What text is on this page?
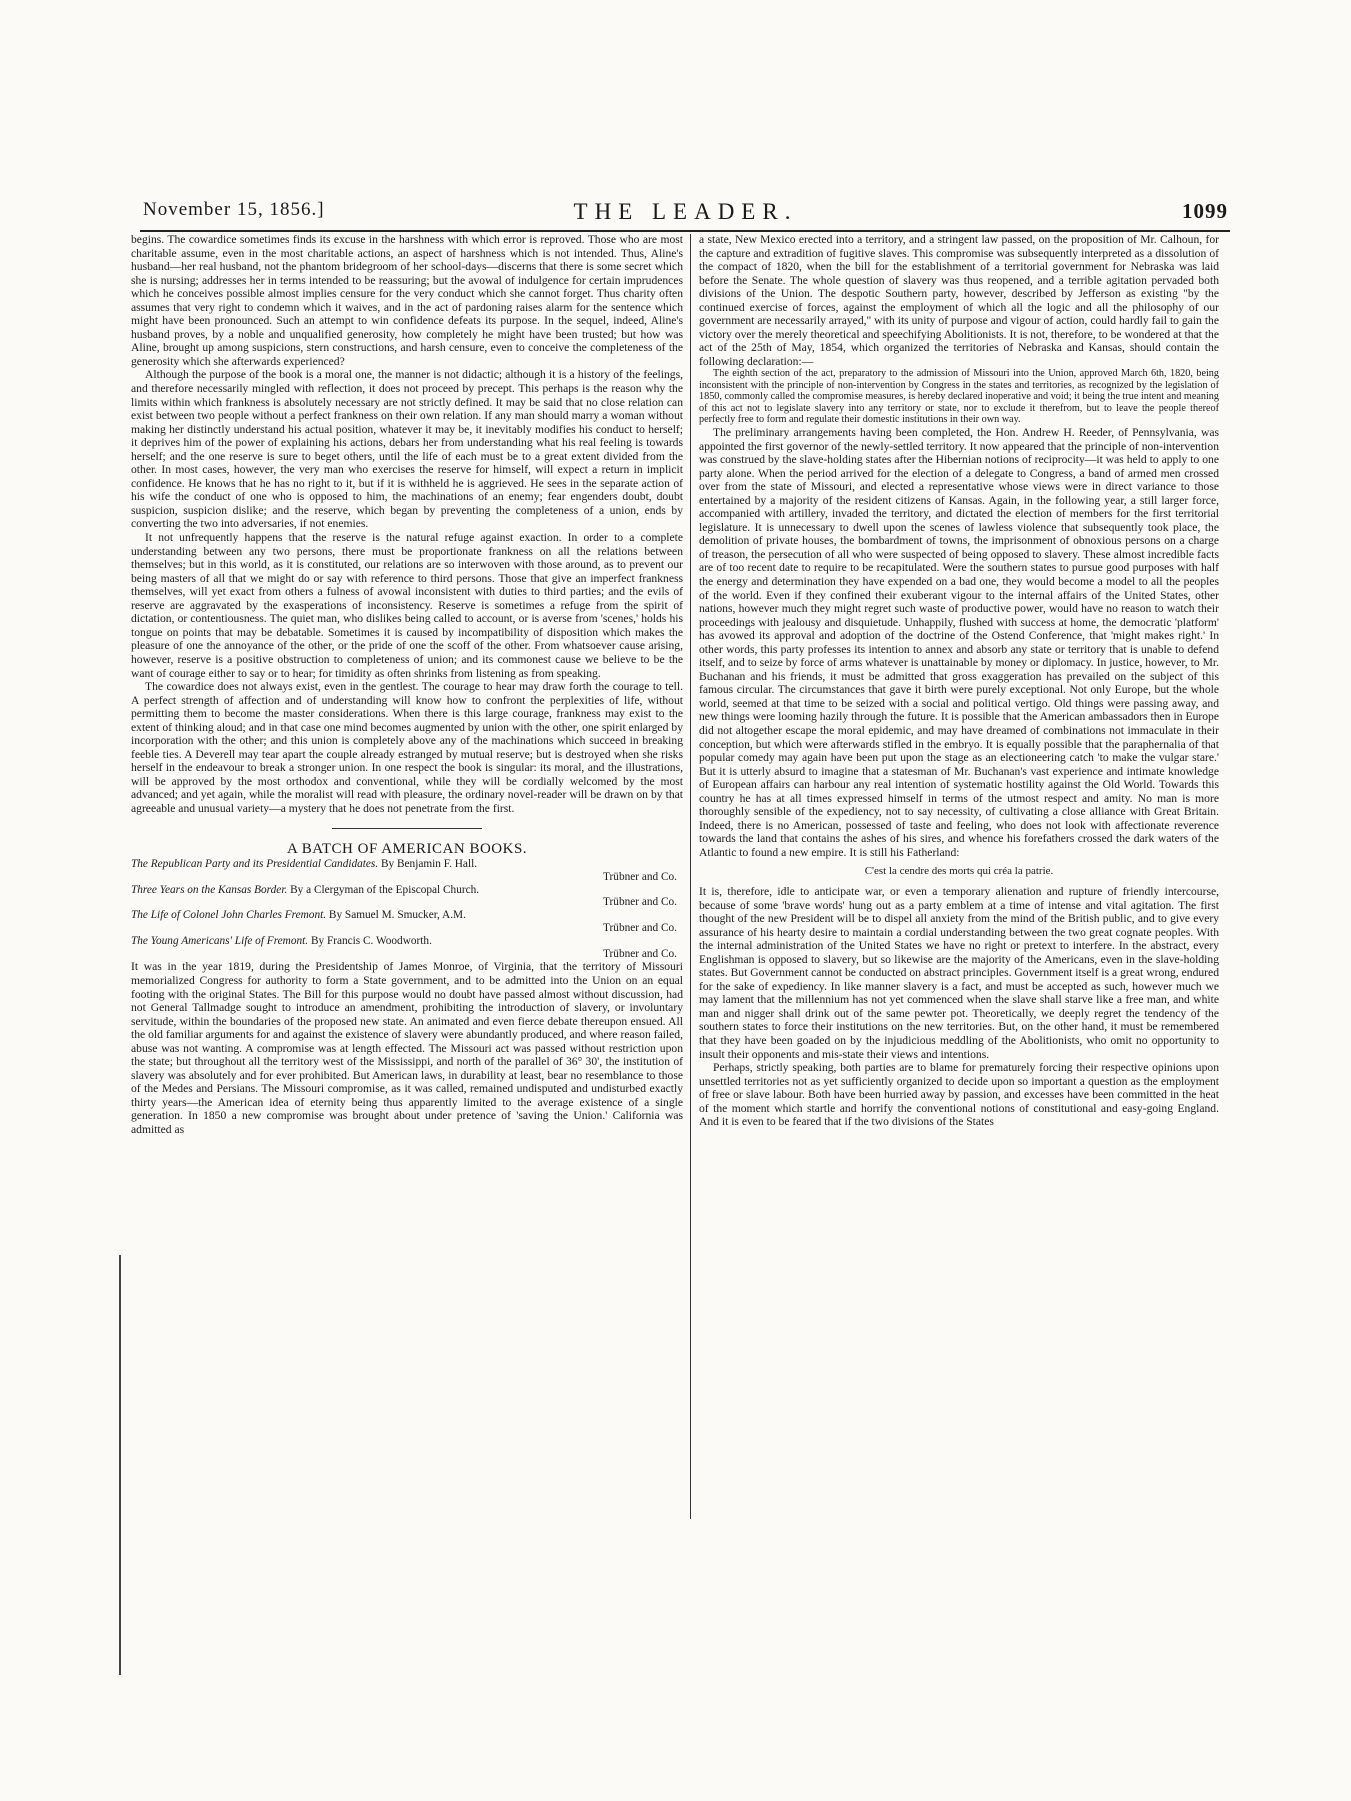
November 15, 1856.]	THE LEADER.	1099

begins. The cowardice sometimes finds its excuse in the harshness with which error is reproved. Those who are most charitable assume, even in the most charitable actions, an aspect of harshness which is not intended. Thus, Aline's husband—her real husband, not the phantom bridegroom of her school-days—discerns that there is some secret which she is nursing; addresses her in terms intended to be reassuring; but the avowal of indulgence for certain imprudences which he conceives possible almost implies censure for the very conduct which she cannot forget. Thus charity often assumes that very right to condemn which it waives, and in the act of pardoning raises alarm for the sentence which might have been pronounced. Such an attempt to win confidence defeats its purpose. In the sequel, indeed, Aline's husband proves, by a noble and unqualified generosity, how completely he might have been trusted; but how was Aline, brought up among suspicions, stern constructions, and harsh censure, even to conceive the completeness of the generosity which she afterwards experienced?

Although the purpose of the book is a moral one, the manner is not didactic; although it is a history of the feelings, and therefore necessarily mingled with reflection, it does not proceed by precept. This perhaps is the reason why the limits within which frankness is absolutely necessary are not strictly defined. It may be said that no close relation can exist between two people without a perfect frankness on their own relation. If any man should marry a woman without making her distinctly understand his actual position, whatever it may be, it inevitably modifies his conduct to herself; it deprives him of the power of explaining his actions, debars her from understanding what his real feeling is towards herself; and the one reserve is sure to beget others, until the life of each must be to a great extent divided from the other. In most cases, however, the very man who exercises the reserve for himself, will expect a return in implicit confidence. He knows that he has no right to it, but if it is withheld he is aggrieved. He sees in the separate action of his wife the conduct of one who is opposed to him, the machinations of an enemy; fear engenders doubt, doubt suspicion, suspicion dislike; and the reserve, which began by preventing the completeness of a union, ends by converting the two into adversaries, if not enemies.

It not unfrequently happens that the reserve is the natural refuge against exaction. In order to a complete understanding between any two persons, there must be proportionate frankness on all the relations between themselves; but in this world, as it is constituted, our relations are so interwoven with those around, as to prevent our being masters of all that we might do or say with reference to third persons. Those that give an imperfect frankness themselves, will yet exact from others a fulness of avowal inconsistent with duties to third parties; and the evils of reserve are aggravated by the exasperations of inconsistency. Reserve is sometimes a refuge from the spirit of dictation, or contentiousness. The quiet man, who dislikes being called to account, or is averse from 'scenes,' holds his tongue on points that may be debatable. Sometimes it is caused by incompatibility of disposition which makes the pleasure of one the annoyance of the other, or the pride of one the scoff of the other. From whatsoever cause arising, however, reserve is a positive obstruction to completeness of union; and its commonest cause we believe to be the want of courage either to say or to hear; for timidity as often shrinks from listening as from speaking.

The cowardice does not always exist, even in the gentlest. The courage to hear may draw forth the courage to tell. A perfect strength of affection and of understanding will know how to confront the perplexities of life, without permitting them to become the master considerations. When there is this large courage, frankness may exist to the extent of thinking aloud; and in that case one mind becomes augmented by union with the other, one spirit enlarged by incorporation with the other; and this union is completely above any of the machinations which succeed in breaking feeble ties. A Deverell may tear apart the couple already estranged by mutual reserve; but is destroyed when she risks herself in the endeavour to break a stronger union. In one respect the book is singular: its moral, and the illustrations, will be approved by the most orthodox and conventional, while they will be cordially welcomed by the most advanced; and yet again, while the moralist will read with pleasure, the ordinary novel-reader will be drawn on by that agreeable and unusual variety—a mystery that he does not penetrate from the first.

A BATCH OF AMERICAN BOOKS.
The Republican Party and its Presidential Candidates. By Benjamin F. Hall.
Trübner and Co.
Three Years on the Kansas Border. By a Clergyman of the Episcopal Church.
Trübner and Co.
The Life of Colonel John Charles Fremont. By Samuel M. Smucker, A.M.
Trübner and Co.
The Young Americans' Life of Fremont. By Francis C. Woodworth.
Trübner and Co.

It was in the year 1819, during the Presidentship of James Monroe, of Virginia, that the territory of Missouri memorialized Congress for authority to form a State government, and to be admitted into the Union on an equal footing with the original States. The Bill for this purpose would no doubt have passed almost without discussion, had not General Tallmadge sought to introduce an amendment, prohibiting the introduction of slavery, or involuntary servitude, within the boundaries of the proposed new state. An animated and even fierce debate thereupon ensued. All the old familiar arguments for and against the existence of slavery were abundantly produced, and where reason failed, abuse was not wanting. A compromise was at length effected. The Missouri act was passed without restriction upon the state; but throughout all the territory west of the Mississippi, and north of the parallel of 36° 30', the institution of slavery was absolutely and for ever prohibited. But American laws, in durability at least, bear no resemblance to those of the Medes and Persians. The Missouri compromise, as it was called, remained undisputed and undisturbed exactly thirty years—the American idea of eternity being thus apparently limited to the average existence of a single generation. In 1850 a new compromise was brought about under pretence of 'saving the Union.' California was admitted as

a state, New Mexico erected into a territory, and a stringent law passed, on the proposition of Mr. Calhoun, for the capture and extradition of fugitive slaves. This compromise was subsequently interpreted as a dissolution of the compact of 1820, when the bill for the establishment of a territorial government for Nebraska was laid before the Senate. The whole question of slavery was thus reopened, and a terrible agitation pervaded both divisions of the Union. The despotic Southern party, however, described by Jefferson as existing "by the continued exercise of forces, against the employment of which all the logic and all the philosophy of our government are necessarily arrayed," with its unity of purpose and vigour of action, could hardly fail to gain the victory over the merely theoretical and speechifying Abolitionists. It is not, therefore, to be wondered at that the act of the 25th of May, 1854, which organized the territories of Nebraska and Kansas, should contain the following declaration:—

The eighth section of the act, preparatory to the admission of Missouri into the Union, approved March 6th, 1820, being inconsistent with the principle of non-intervention by Congress in the states and territories, as recognized by the legislation of 1850, commonly called the compromise measures, is hereby declared inoperative and void; it being the true intent and meaning of this act not to legislate slavery into any territory or state, nor to exclude it therefrom, but to leave the people thereof perfectly free to form and regulate their domestic institutions in their own way.

The preliminary arrangements having been completed, the Hon. Andrew H. Reeder, of Pennsylvania, was appointed the first governor of the newly-settled territory. It now appeared that the principle of non-intervention was construed by the slave-holding states after the Hibernian notions of reciprocity—it was held to apply to one party alone. When the period arrived for the election of a delegate to Congress, a band of armed men crossed over from the state of Missouri, and elected a representative whose views were in direct variance to those entertained by a majority of the resident citizens of Kansas. Again, in the following year, a still larger force, accompanied with artillery, invaded the territory, and dictated the election of members for the first territorial legislature. It is unnecessary to dwell upon the scenes of lawless violence that subsequently took place, the demolition of private houses, the bombardment of towns, the imprisonment of obnoxious persons on a charge of treason, the persecution of all who were suspected of being opposed to slavery. These almost incredible facts are of too recent date to require to be recapitulated. Were the southern states to pursue good purposes with half the energy and determination they have expended on a bad one, they would become a model to all the peoples of the world. Even if they confined their exuberant vigour to the internal affairs of the United States, other nations, however much they might regret such waste of productive power, would have no reason to watch their proceedings with jealousy and disquietude. Unhappily, flushed with success at home, the democratic 'platform' has avowed its approval and adoption of the doctrine of the Ostend Conference, that 'might makes right.' In other words, this party professes its intention to annex and absorb any state or territory that is unable to defend itself, and to seize by force of arms whatever is unattainable by money or diplomacy. In justice, however, to Mr. Buchanan and his friends, it must be admitted that gross exaggeration has prevailed on the subject of this famous circular. The circumstances that gave it birth were purely exceptional. Not only Europe, but the whole world, seemed at that time to be seized with a social and political vertigo. Old things were passing away, and new things were looming hazily through the future. It is possible that the American ambassadors then in Europe did not altogether escape the moral epidemic, and may have dreamed of combinations not immaculate in their conception, but which were afterwards stifled in the embryo. It is equally possible that the paraphernalia of that popular comedy may again have been put upon the stage as an electioneering catch 'to make the vulgar stare.' But it is utterly absurd to imagine that a statesman of Mr. Buchanan's vast experience and intimate knowledge of European affairs can harbour any real intention of systematic hostility against the Old World. Towards this country he has at all times expressed himself in terms of the utmost respect and amity. No man is more thoroughly sensible of the expediency, not to say necessity, of cultivating a close alliance with Great Britain. Indeed, there is no American, possessed of taste and feeling, who does not look with affectionate reverence towards the land that contains the ashes of his sires, and whence his forefathers crossed the dark waters of the Atlantic to found a new empire. It is still his Fatherland:

C'est la cendre des morts qui créa la patrie.

It is, therefore, idle to anticipate war, or even a temporary alienation and rupture of friendly intercourse, because of some 'brave words' hung out as a party emblem at a time of intense and vital agitation. The first thought of the new President will be to dispel all anxiety from the mind of the British public, and to give every assurance of his hearty desire to maintain a cordial understanding between the two great cognate peoples. With the internal administration of the United States we have no right or pretext to interfere. In the abstract, every Englishman is opposed to slavery, but so likewise are the majority of the Americans, even in the slave-holding states. But Government cannot be conducted on abstract principles. Government itself is a great wrong, endured for the sake of expediency. In like manner slavery is a fact, and must be accepted as such, however much we may lament that the millennium has not yet commenced when the slave shall starve like a free man, and white man and nigger shall drink out of the same pewter pot. Theoretically, we deeply regret the tendency of the southern states to force their institutions on the new territories. But, on the other hand, it must be remembered that they have been goaded on by the injudicious meddling of the Abolitionists, who omit no opportunity to insult their opponents and mis-state their views and intentions.

Perhaps, strictly speaking, both parties are to blame for prematurely forcing their respective opinions upon unsettled territories not as yet sufficiently organized to decide upon so important a question as the employment of free or slave labour. Both have been hurried away by passion, and excesses have been committed in the heat of the moment which startle and horrify the conventional notions of constitutional and easy-going England. And it is even to be feared that if the two divisions of the States
